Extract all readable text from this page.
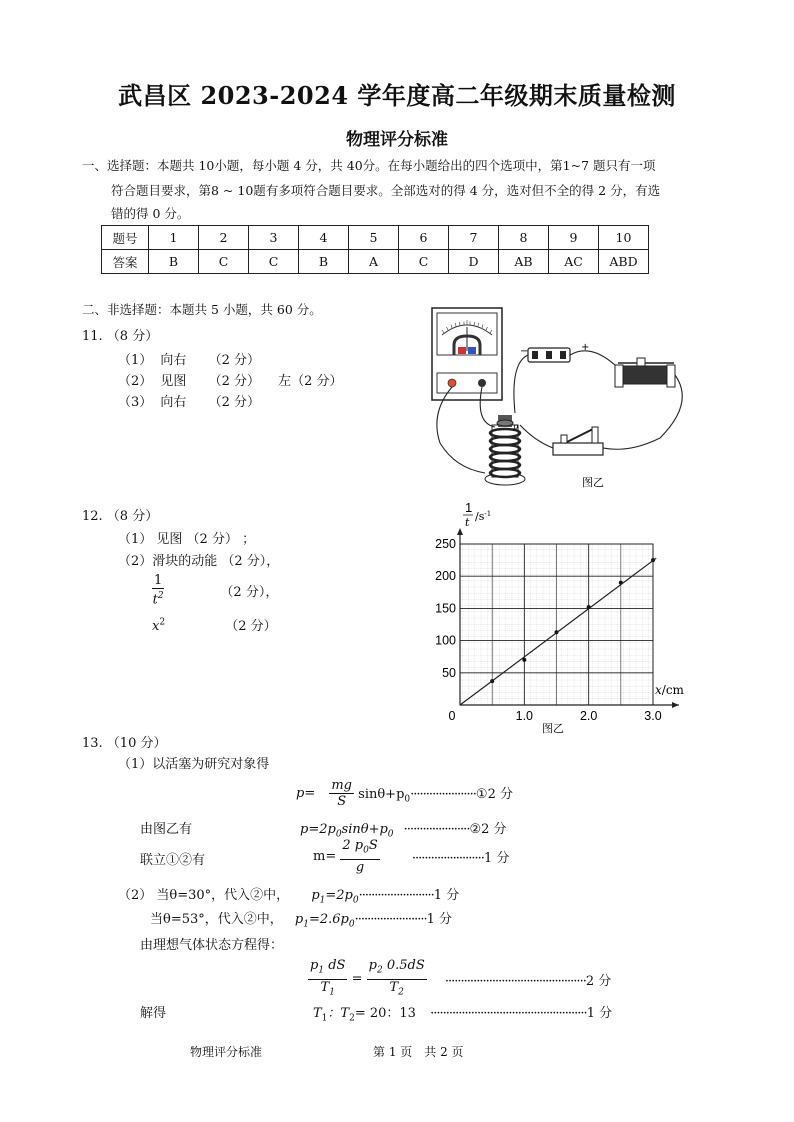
武昌区 2023-2024 学年度高二年级期末质量检测
物理评分标准
一、选择题：本题共 10小题，每小题 4 分，共 40分。在每小题给出的四个选项中，第1~7 题只有一项
符合题目要求，第8 ~ 10题有多项符合题目要求。全部选对的得 4 分，选对但不全的得 2 分，有选
错的得 0 分。
题号	1	2	3	4	5	6	7	8	9	10
答案	B	C	C	B	A	C	D	AB	AC	ABD
二、非选择题：本题共 5 小题，共 60 分。
11. （8 分）
（1） 向右 （2 分）
（2） 见图 （2 分） 左（2 分）
（3） 向右 （2 分）
−	+
p
图乙
12. （8 分）
（1） 见图 （2 分） ；
（2）滑块的动能 （2 分），
$\frac{1}{t^2}$	（2 分），
$x^2$	（2 分）
50
100
150
200
250
0	1.0	2.0	3.0
1
t $/s^{-1}$
x/cm
图乙
13. （10 分）
（1）以活塞为研究对象得
$p= \frac{mg}{S}$ $\sin\theta+p_0\cdot\cdot\cdot\cdot\cdot\cdot\cdot\cdot\cdot\cdot\cdot\cdot\cdot\cdot\cdot\cdot\cdot\cdot\cdot\cdot\cdot ①2$ 分
由图乙有	$p=2p_0\sin\theta+p_0$ ·····················②2 分
联立①②有	$m= \frac{2 p_0S}{g} \cdot\cdot\cdot\cdot\cdot\cdot\cdot\cdot\cdot\cdot\cdot\cdot\cdot\cdot\cdot\cdot\cdot\cdot\cdot\cdot\cdot\cdot\cdot 1$ 分
（2） 当θ=30°，代入②中， $p_1=2p_0\cdot\cdot\cdot\cdot\cdot\cdot\cdot\cdot\cdot\cdot\cdot\cdot\cdot\cdot\cdot\cdot\cdot\cdot\cdot\cdot\cdot\cdot\cdot\cdot 1$ 分
当θ=53°，代入②中， $p_1=2.6p_0\cdot\cdot\cdot\cdot\cdot\cdot\cdot\cdot\cdot\cdot\cdot\cdot\cdot\cdot\cdot\cdot\cdot\cdot\cdot\cdot\cdot\cdot\cdot 1$ 分
由理想气体状态方程得：
$\frac{p_1 dS}{T_1} = \frac{p_2 0.5dS}{T_2} \cdot\cdot\cdot\cdot\cdot\cdot\cdot\cdot\cdot\cdot\cdot\cdot\cdot\cdot\cdot\cdot\cdot\cdot\cdot\cdot\cdot\cdot\cdot\cdot\cdot\cdot\cdot\cdot\cdot\cdot\cdot\cdot\cdot\cdot\cdot\cdot\cdot\cdot\cdot\cdot\cdot\cdot\cdot\cdot\cdot 2$ 分
解得	$T_1$：$T_2= 20$：13 ··················································1 分
物理评分标准	第 1 页　共 2 页
